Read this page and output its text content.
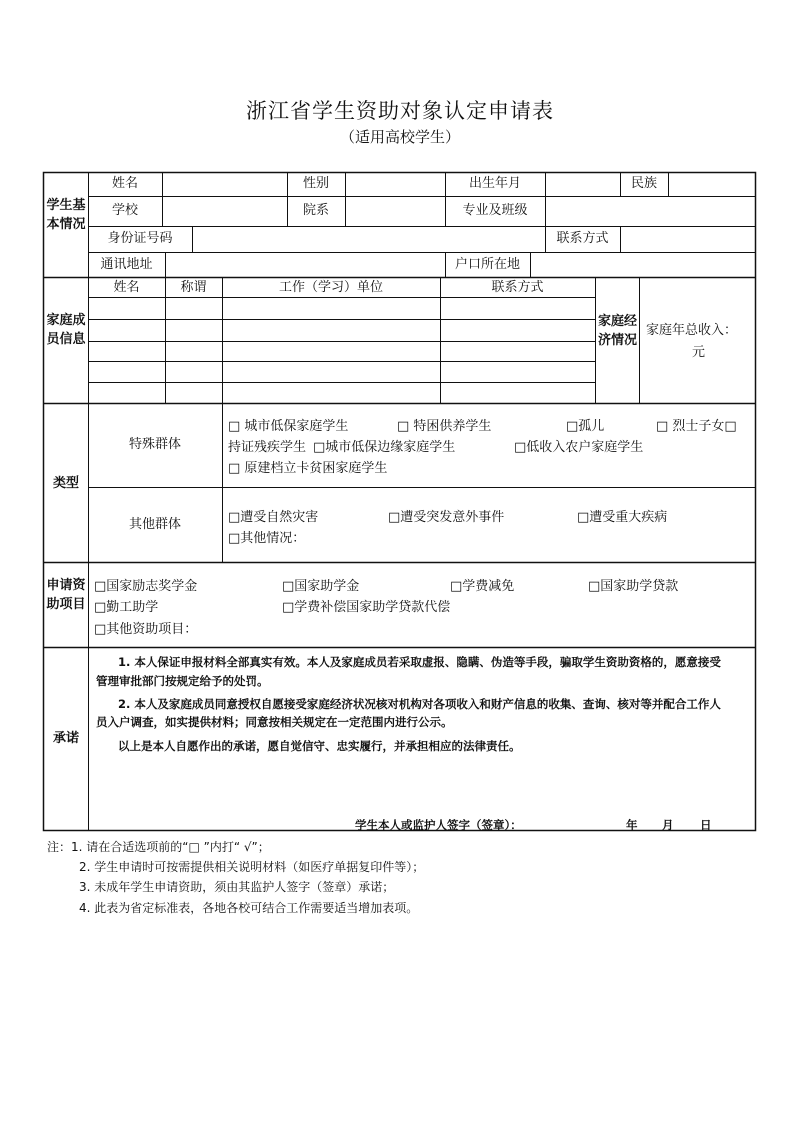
浙江省学生资助对象认定申请表
（适用高校学生）
学生基本情况
姓名	性别	出生年月	民族
学校	院系	专业及班级
身份证号码	联系方式
通讯地址	户口所在地
家庭成员信息
姓名	称谓	工作（学习）单位	联系方式
家庭经济情况
家庭年总收入：
元
类型
特殊群体
□ 城市低保家庭学生	□ 特困供养学生	□孤儿	□ 烈士子女□
持证残疾学生 □城市低保边缘家庭学生	□低收入农户家庭学生
□ 原建档立卡贫困家庭学生
其他群体	□遭受自然灾害	□遭受突发意外事件	□遭受重大疾病
□其他情况：
申请资助项目
□国家励志奖学金	□国家助学金	□学费减免	□国家助学贷款
□勤工助学	□学费补偿国家助学贷款代偿
□其他资助项目：
承诺
1. 本人保证申报材料全部真实有效。本人及家庭成员若采取虚报、隐瞒、伪造等手段，骗取学生资助资格的，愿意接受
管理审批部门按规定给予的处罚。
2. 本人及家庭成员同意授权自愿接受家庭经济状况核对机构对各项收入和财产信息的收集、查询、核对等并配合工作人
员入户调查，如实提供材料；同意按相关规定在一定范围内进行公示。
以上是本人自愿作出的承诺，愿自觉信守、忠实履行，并承担相应的法律责任。
学生本人或监护人签字（签章）：	年 月 日
注：1. 请在合适选项前的“□ ”内打“ √”；
2. 学生申请时可按需提供相关说明材料（如医疗单据复印件等）；
3. 未成年学生申请资助，须由其监护人签字（签章）承诺；
4. 此表为省定标准表，各地各校可结合工作需要适当增加表项。
